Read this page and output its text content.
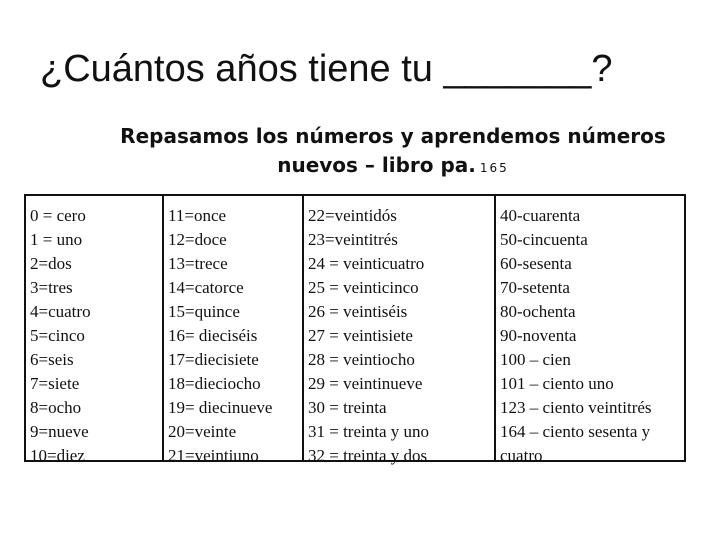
¿Cuántos años tiene tu _______?
Repasamos los números y aprendemos números
nuevos – libro pa. 165
0 = cero
1 = uno
2=dos
3=tres
4=cuatro
5=cinco
6=seis
7=siete
8=ocho
9=nueve
10=diez
11=once
12=doce
13=trece
14=catorce
15=quince
16= dieciséis
17=diecisiete
18=dieciocho
19= diecinueve
20=veinte
21=veintiuno
22=veintidós
23=veintitrés
24 = veinticuatro
25 = veinticinco
26 = veintiséis
27 = veintisiete
28 = veintiocho
29 = veintinueve
30 = treinta
31 = treinta y uno
32 = treinta y dos
40-cuarenta
50-cincuenta
60-sesenta
70-setenta
80-ochenta
90-noventa
100 – cien
101 – ciento uno
123 – ciento veintitrés
164 – ciento sesenta y cuatro
